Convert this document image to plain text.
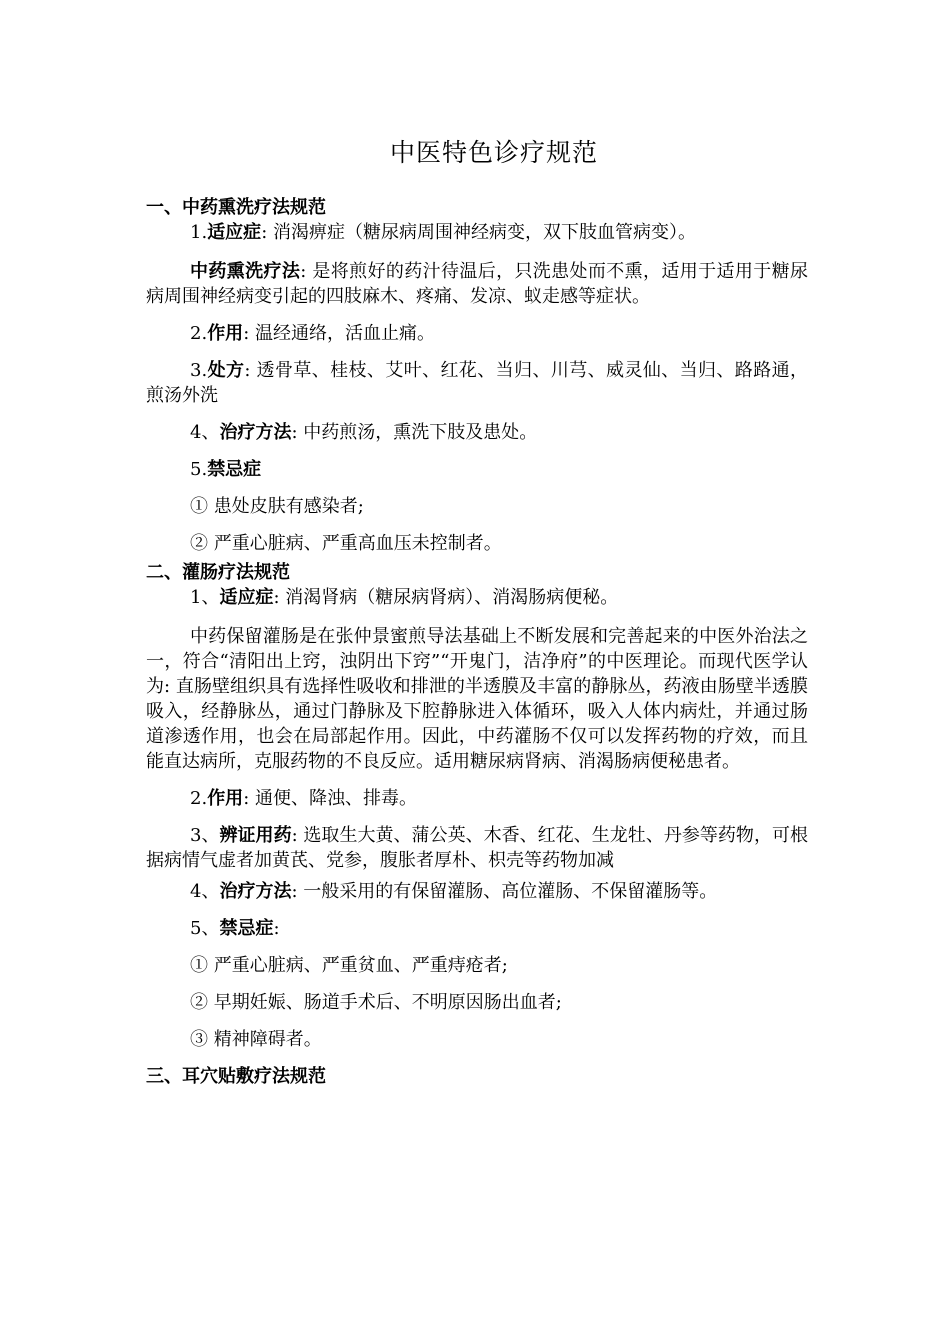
中医特色诊疗规范
一、中药熏洗疗法规范

1.适应症: 消渴痹症（糖尿病周围神经病变，双下肢血管病变）。

中药熏洗疗法: 是将煎好的药汁待温后，只洗患处而不熏，适用于适用于糖尿病周围神经病变引起的四肢麻木、疼痛、发凉、蚁走感等症状。

2.作用: 温经通络，活血止痛。

3.处方: 透骨草、桂枝、艾叶、红花、当归、川芎、威灵仙、当归、路路通，煎汤外洗

4、治疗方法: 中药煎汤，熏洗下肢及患处。

5.禁忌症

① 患处皮肤有感染者;

② 严重心脏病、严重高血压未控制者。

二、灌肠疗法规范

1、适应症: 消渴肾病（糖尿病肾病）、消渴肠病便秘。

中药保留灌肠是在张仲景蜜煎导法基础上不断发展和完善起来的中医外治法之一，符合“清阳出上窍，浊阴出下窍”“开鬼门，洁净府”的中医理论。而现代医学认为: 直肠壁组织具有选择性吸收和排泄的半透膜及丰富的静脉丛，药液由肠壁半透膜吸入，经静脉丛，通过门静脉及下腔静脉进入体循环，吸入人体内病灶，并通过肠道渗透作用，也会在局部起作用。因此，中药灌肠不仅可以发挥药物的疗效，而且能直达病所，克服药物的不良反应。适用糖尿病肾病、消渴肠病便秘患者。

2.作用: 通便、降浊、排毒。

3、辨证用药: 选取生大黄、蒲公英、木香、红花、生龙牡、丹参等药物，可根据病情气虚者加黄芪、党参，腹胀者厚朴、枳壳等药物加减

4、治疗方法: 一般采用的有保留灌肠、高位灌肠、不保留灌肠等。

5、禁忌症:

① 严重心脏病、严重贫血、严重痔疮者;

② 早期妊娠、肠道手术后、不明原因肠出血者;

③ 精神障碍者。

三、耳穴贴敷疗法规范
